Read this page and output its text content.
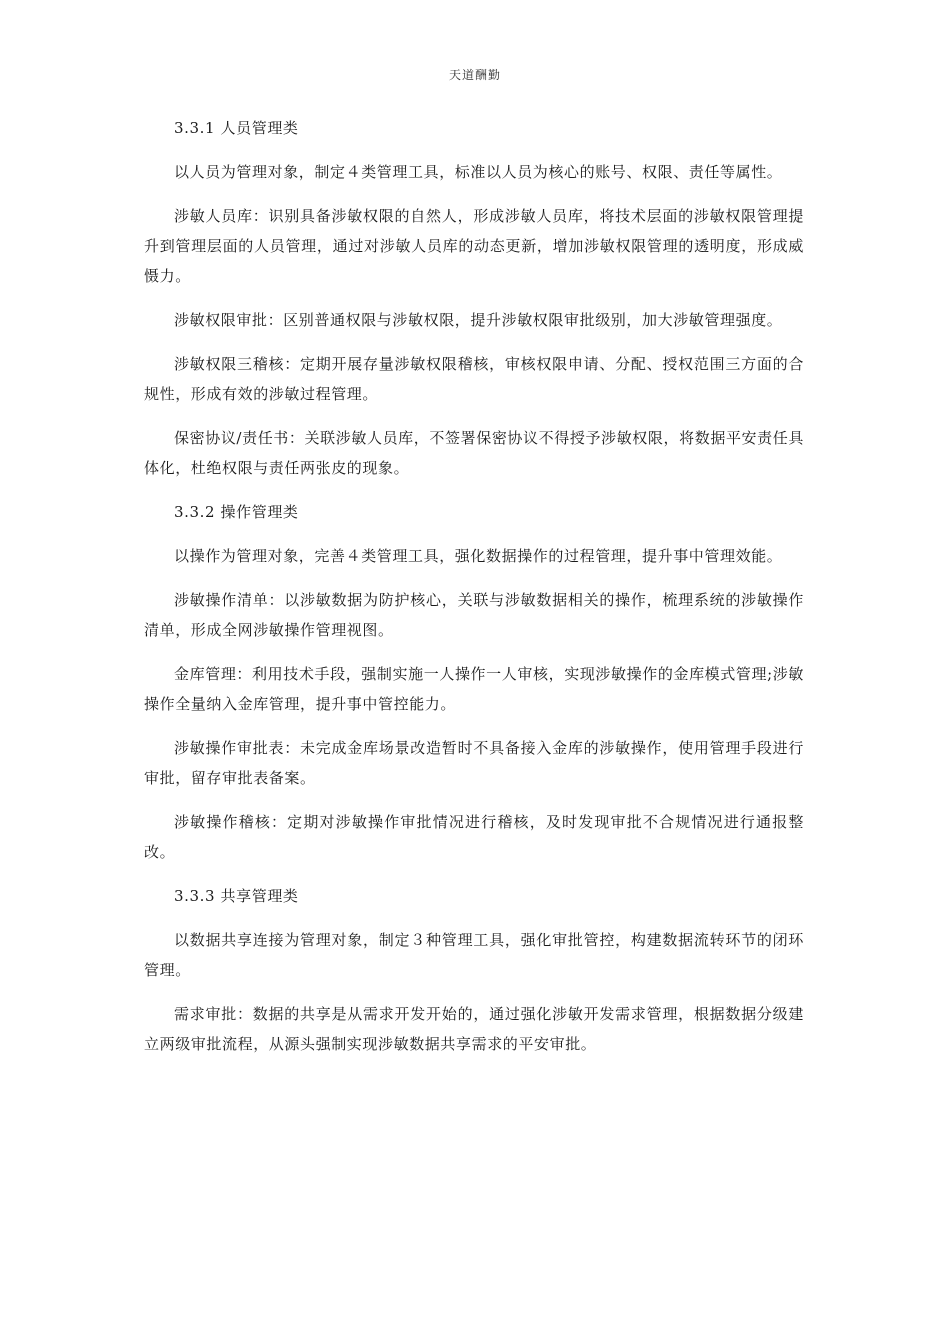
天道酬勤
3.3.1 人员管理类

以人员为管理对象，制定４类管理工具，标准以人员为核心的账号、权限、责任等属性。

涉敏人员库：识别具备涉敏权限的自然人，形成涉敏人员库，将技术层面的涉敏权限管理提升到管理层面的人员管理，通过对涉敏人员库的动态更新，增加涉敏权限管理的透明度，形成威慑力。

涉敏权限审批：区别普通权限与涉敏权限，提升涉敏权限审批级别，加大涉敏管理强度。

涉敏权限三稽核：定期开展存量涉敏权限稽核，审核权限申请、分配、授权范围三方面的合规性，形成有效的涉敏过程管理。

保密协议/责任书：关联涉敏人员库，不签署保密协议不得授予涉敏权限，将数据平安责任具体化，杜绝权限与责任两张皮的现象。

3.3.2 操作管理类

以操作为管理对象，完善４类管理工具，强化数据操作的过程管理，提升事中管理效能。

涉敏操作清单：以涉敏数据为防护核心，关联与涉敏数据相关的操作，梳理系统的涉敏操作清单，形成全网涉敏操作管理视图。

金库管理：利用技术手段，强制实施一人操作一人审核，实现涉敏操作的金库模式管理;涉敏操作全量纳入金库管理，提升事中管控能力。

涉敏操作审批表：未完成金库场景改造暂时不具备接入金库的涉敏操作，使用管理手段进行审批，留存审批表备案。

涉敏操作稽核：定期对涉敏操作审批情况进行稽核，及时发现审批不合规情况进行通报整改。

3.3.3 共享管理类

以数据共享连接为管理对象，制定３种管理工具，强化审批管控，构建数据流转环节的闭环管理。

需求审批：数据的共享是从需求开发开始的，通过强化涉敏开发需求管理，根据数据分级建立两级审批流程，从源头强制实现涉敏数据共享需求的平安审批。
